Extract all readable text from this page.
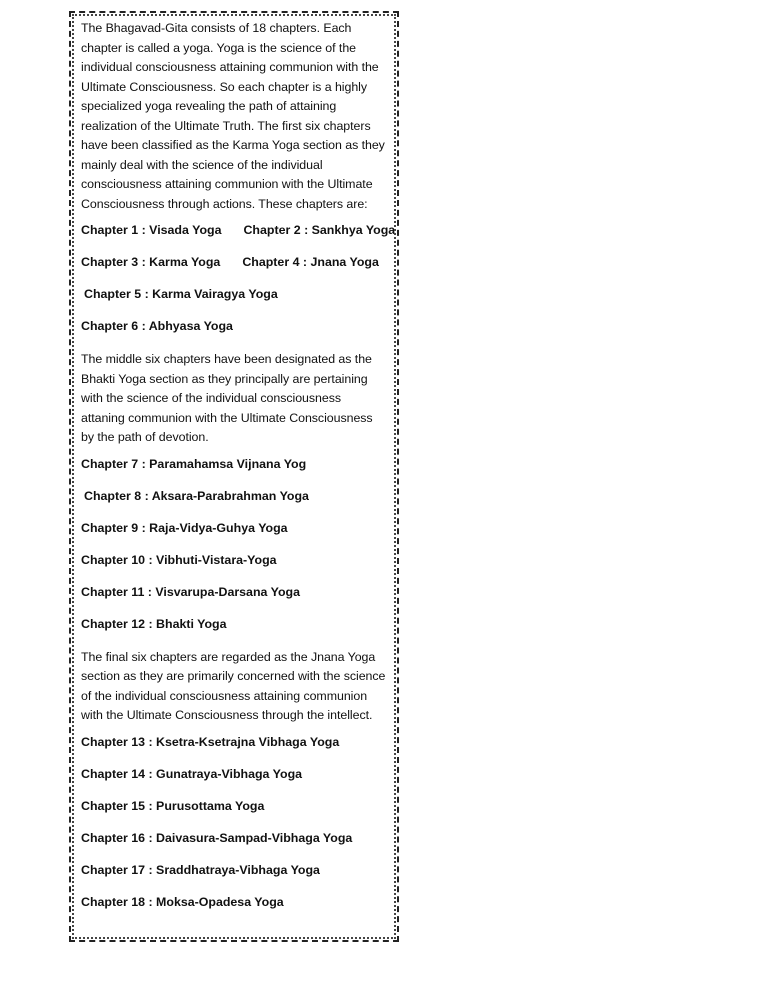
The Bhagavad-Gita consists of 18 chapters. Each chapter is called a yoga. Yoga is the science of the individual consciousness attaining communion with the Ultimate Consciousness. So each chapter is a highly specialized yoga revealing the path of attaining realization of the Ultimate Truth. The first six chapters have been classified as the Karma Yoga section as they mainly deal with the science of the individual consciousness attaining communion with the Ultimate Consciousness through actions. These chapters are:

Chapter 1 : Visada Yoga Chapter 2 : Sankhya Yoga
Chapter 3 : Karma Yoga Chapter 4 : Jnana Yoga
Chapter 5 : Karma Vairagya Yoga
Chapter 6 : Abhyasa Yoga

The middle six chapters have been designated as the Bhakti Yoga section as they principally are pertaining with the science of the individual consciousness attaning communion with the Ultimate Consciousness by the path of devotion.

Chapter 7 : Paramahamsa Vijnana Yog
Chapter 8 : Aksara-Parabrahman Yoga
Chapter 9 : Raja-Vidya-Guhya Yoga
Chapter 10 : Vibhuti-Vistara-Yoga
Chapter 11 : Visvarupa-Darsana Yoga
Chapter 12 : Bhakti Yoga

The final six chapters are regarded as the Jnana Yoga section as they are primarily concerned with the science of the individual consciousness attaining communion with the Ultimate Consciousness through the intellect.

Chapter 13 : Ksetra-Ksetrajna Vibhaga Yoga
Chapter 14 : Gunatraya-Vibhaga Yoga
Chapter 15 : Purusottama Yoga
Chapter 16 : Daivasura-Sampad-Vibhaga Yoga
Chapter 17 : Sraddhatraya-Vibhaga Yoga
Chapter 18 : Moksa-Opadesa Yoga
